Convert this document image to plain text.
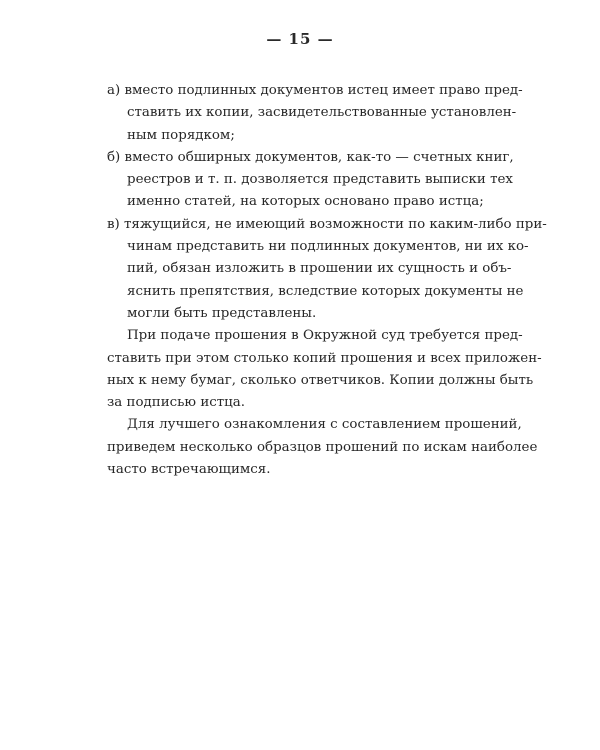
— 15 —
а) вместо подлинных документов истец имеет право пред-
ставить их копии, засвидетельствованные установлен-
ным порядком;
б) вместо обширных документов, как-то — счетных книг,
реестров и т. п. дозволяется представить выписки тех
именно статей, на которых основано право истца;
в) тяжущийся, не имеющий возможности по каким-либо при-
чинам представить ни подлинных документов, ни их ко-
пий, обязан изложить в прошении их сущность и объ-
яснить препятствия, вследствие которых документы не
могли быть представлены.
При подаче прошения в Окружной суд требуется пред-
ставить при этом столько копий прошения и всех приложен-
ных к нему бумаг, сколько ответчиков. Копии должны быть
за подписью истца.
Для лучшего ознакомления с составлением прошений,
приведем несколько образцов прошений по искам наиболее
часто встречающимся.
